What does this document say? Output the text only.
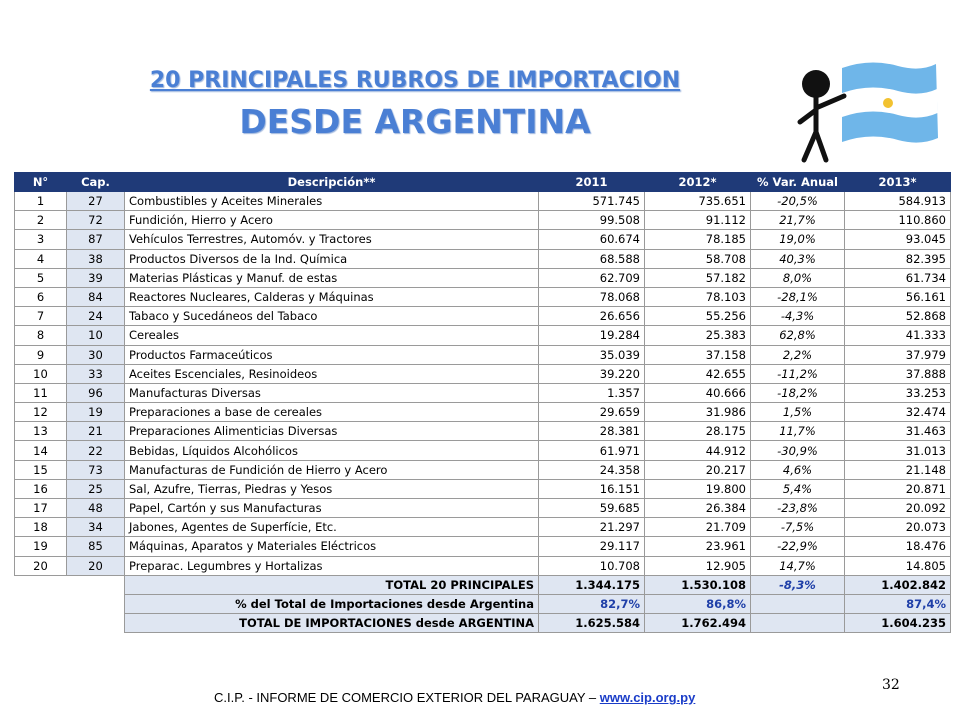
20 PRINCIPALES RUBROS DE IMPORTACION
DESDE ARGENTINA
N°	Cap.	Descripción**	2011	2012*	% Var. Anual	2013*
1	27	Combustibles y Aceites Minerales	571.745	735.651	-20,5%	584.913
2	72	Fundición, Hierro y Acero	99.508	91.112	21,7%	110.860
3	87	Vehículos Terrestres, Automóv. y Tractores	60.674	78.185	19,0%	93.045
4	38	Productos Diversos de la Ind. Química	68.588	58.708	40,3%	82.395
5	39	Materias Plásticas y Manuf. de estas	62.709	57.182	8,0%	61.734
6	84	Reactores Nucleares, Calderas y Máquinas	78.068	78.103	-28,1%	56.161
7	24	Tabaco y Sucedáneos del Tabaco	26.656	55.256	-4,3%	52.868
8	10	Cereales	19.284	25.383	62,8%	41.333
9	30	Productos Farmaceúticos	35.039	37.158	2,2%	37.979
10	33	Aceites Escenciales, Resinoideos	39.220	42.655	-11,2%	37.888
11	96	Manufacturas Diversas	1.357	40.666	-18,2%	33.253
12	19	Preparaciones a base de cereales	29.659	31.986	1,5%	32.474
13	21	Preparaciones Alimenticias Diversas	28.381	28.175	11,7%	31.463
14	22	Bebidas, Líquidos Alcohólicos	61.971	44.912	-30,9%	31.013
15	73	Manufacturas de Fundición de Hierro y Acero	24.358	20.217	4,6%	21.148
16	25	Sal, Azufre, Tierras, Piedras y Yesos	16.151	19.800	5,4%	20.871
17	48	Papel, Cartón y sus Manufacturas	59.685	26.384	-23,8%	20.092
18	34	Jabones, Agentes de Superfície, Etc.	21.297	21.709	-7,5%	20.073
19	85	Máquinas, Aparatos y Materiales Eléctricos	29.117	23.961	-22,9%	18.476
20	20	Preparac. Legumbres y Hortalizas	10.708	12.905	14,7%	14.805
		TOTAL 20 PRINCIPALES	1.344.175	1.530.108	-8,3%	1.402.842
		% del Total de Importaciones desde Argentina	82,7%	86,8%		87,4%
		TOTAL DE IMPORTACIONES desde ARGENTINA	1.625.584	1.762.494		1.604.235
32
C.I.P. - INFORME DE COMERCIO EXTERIOR DEL PARAGUAY – www.cip.org.py
